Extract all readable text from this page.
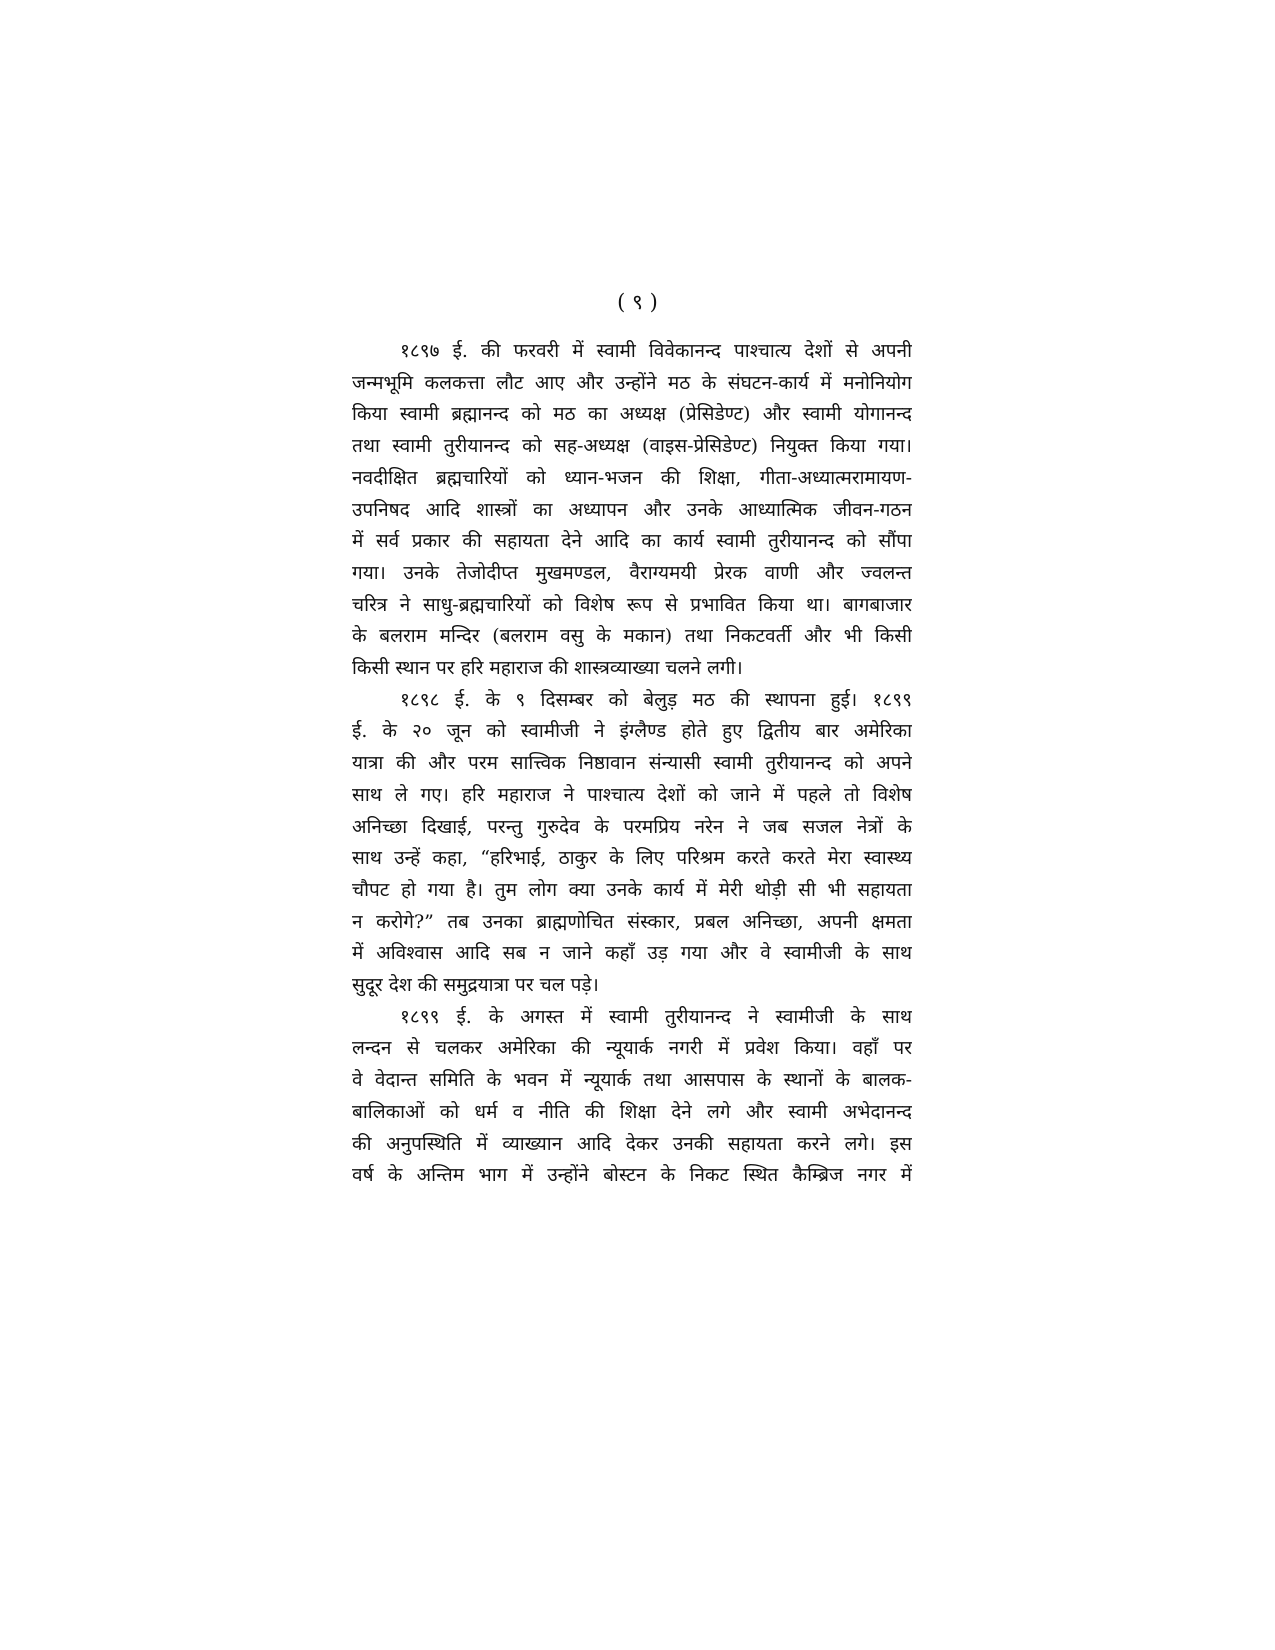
( ९ )
१८९७ ई. की फरवरी में स्वामी विवेकानन्द पाश्चात्य देशों से अपनी
जन्मभूमि कलकत्ता लौट आए और उन्होंने मठ के संघटन-कार्य में मनोनियोग
किया स्वामी ब्रह्मानन्द को मठ का अध्यक्ष (प्रेसिडेण्ट) और स्वामी योगानन्द
तथा स्वामी तुरीयानन्द को सह-अध्यक्ष (वाइस-प्रेसिडेण्ट) नियुक्त किया गया।
नवदीक्षित ब्रह्मचारियों को ध्यान-भजन की शिक्षा, गीता-अध्यात्मरामायण-
उपनिषद आदि शास्त्रों का अध्यापन और उनके आध्यात्मिक जीवन-गठन
में सर्व प्रकार की सहायता देने आदि का कार्य स्वामी तुरीयानन्द को सौंपा
गया। उनके तेजोदीप्त मुखमण्डल, वैराग्यमयी प्रेरक वाणी और ज्वलन्त
चरित्र ने साधु-ब्रह्मचारियों को विशेष रूप से प्रभावित किया था। बागबाजार
के बलराम मन्दिर (बलराम वसु के मकान) तथा निकटवर्ती और भी किसी
किसी स्थान पर हरि महाराज की शास्त्रव्याख्या चलने लगी।
१८९८ ई. के ९ दिसम्बर को बेलुड़ मठ की स्थापना हुई। १८९९
ई. के २० जून को स्वामीजी ने इंग्लैण्ड होते हुए द्वितीय बार अमेरिका
यात्रा की और परम सात्त्विक निष्ठावान संन्यासी स्वामी तुरीयानन्द को अपने
साथ ले गए। हरि महाराज ने पाश्चात्य देशों को जाने में पहले तो विशेष
अनिच्छा दिखाई, परन्तु गुरुदेव के परमप्रिय नरेन ने जब सजल नेत्रों के
साथ उन्हें कहा, “हरिभाई, ठाकुर के लिए परिश्रम करते करते मेरा स्वास्थ्य
चौपट हो गया है। तुम लोग क्या उनके कार्य में मेरी थोड़ी सी भी सहायता
न करोगे?” तब उनका ब्राह्मणोचित संस्कार, प्रबल अनिच्छा, अपनी क्षमता
में अविश्वास आदि सब न जाने कहाँ उड़ गया और वे स्वामीजी के साथ
सुदूर देश की समुद्रयात्रा पर चल पड़े।
१८९९ ई. के अगस्त में स्वामी तुरीयानन्द ने स्वामीजी के साथ
लन्दन से चलकर अमेरिका की न्यूयार्क नगरी में प्रवेश किया। वहाँ पर
वे वेदान्त समिति के भवन में न्यूयार्क तथा आसपास के स्थानों के बालक-
बालिकाओं को धर्म व नीति की शिक्षा देने लगे और स्वामी अभेदानन्द
की अनुपस्थिति में व्याख्यान आदि देकर उनकी सहायता करने लगे। इस
वर्ष के अन्तिम भाग में उन्होंने बोस्टन के निकट स्थित कैम्ब्रिज नगर में
